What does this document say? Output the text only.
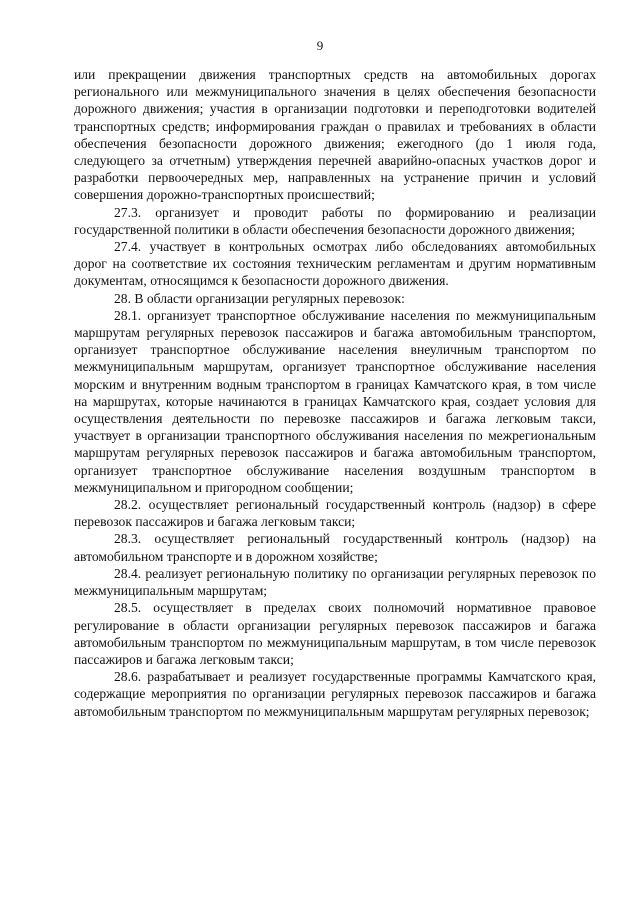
9

или прекращении движения транспортных средств на автомобильных дорогах регионального или межмуниципального значения в целях обеспечения безопасности дорожного движения; участия в организации подготовки и переподготовки водителей транспортных средств; информирования граждан о правилах и требованиях в области обеспечения безопасности дорожного движения; ежегодного (до 1 июля года, следующего за отчетным) утверждения перечней аварийно-опасных участков дорог и разработки первоочередных мер, направленных на устранение причин и условий совершения дорожно-транспортных происшествий;

27.3. организует и проводит работы по формированию и реализации государственной политики в области обеспечения безопасности дорожного движения;

27.4. участвует в контрольных осмотрах либо обследованиях автомобильных дорог на соответствие их состояния техническим регламентам и другим нормативным документам, относящимся к безопасности дорожного движения.

28. В области организации регулярных перевозок:

28.1. организует транспортное обслуживание населения по межмуниципальным маршрутам регулярных перевозок пассажиров и багажа автомобильным транспортом, организует транспортное обслуживание населения внеуличным транспортом по межмуниципальным маршрутам, организует транспортное обслуживание населения морским и внутренним водным транспортом в границах Камчатского края, в том числе на маршрутах, которые начинаются в границах Камчатского края, создает условия для осуществления деятельности по перевозке пассажиров и багажа легковым такси, участвует в организации транспортного обслуживания населения по межрегиональным маршрутам регулярных перевозок пассажиров и багажа автомобильным транспортом, организует транспортное обслуживание населения воздушным транспортом в межмуниципальном и пригородном сообщении;

28.2. осуществляет региональный государственный контроль (надзор) в сфере перевозок пассажиров и багажа легковым такси;

28.3. осуществляет региональный государственный контроль (надзор) на автомобильном транспорте и в дорожном хозяйстве;

28.4. реализует региональную политику по организации регулярных перевозок по межмуниципальным маршрутам;

28.5. осуществляет в пределах своих полномочий нормативное правовое регулирование в области организации регулярных перевозок пассажиров и багажа автомобильным транспортом по межмуниципальным маршрутам, в том числе перевозок пассажиров и багажа легковым такси;

28.6. разрабатывает и реализует государственные программы Камчатского края, содержащие мероприятия по организации регулярных перевозок пассажиров и багажа автомобильным транспортом по межмуниципальным маршрутам регулярных перевозок;
